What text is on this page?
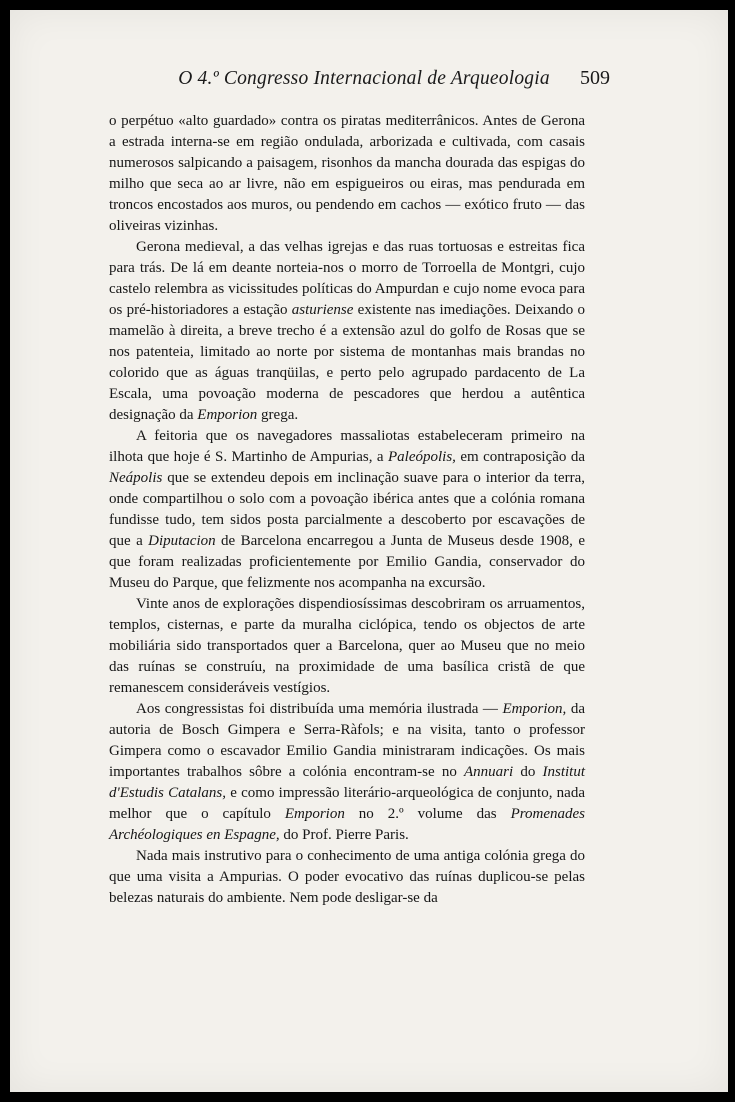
O 4.º Congresso Internacional de Arqueologia	509

o perpétuo «alto guardado» contra os piratas mediterrânicos. Antes de Gerona a estrada interna-se em região ondulada, arborizada e cultivada, com casais numerosos salpicando a paisagem, risonhos da mancha dourada das espigas do milho que seca ao ar livre, não em espigueiros ou eiras, mas pendurada em troncos encostados aos muros, ou pendendo em cachos — exótico fruto — das oliveiras vizinhas.

Gerona medieval, a das velhas igrejas e das ruas tortuosas e estreitas fica para trás. De lá em deante norteia-nos o morro de Torroella de Montgri, cujo castelo relembra as vicissitudes políticas do Ampurdan e cujo nome evoca para os pré-historiadores a estação asturiense existente nas imediações. Deixando o mamelão à direita, a breve trecho é a extensão azul do golfo de Rosas que se nos patenteia, limitado ao norte por sistema de montanhas mais brandas no colorido que as águas tranqüilas, e perto pelo agrupado pardacento de La Escala, uma povoação moderna de pescadores que herdou a autêntica designação da Emporion grega.

A feitoria que os navegadores massaliotas estabeleceram primeiro na ilhota que hoje é S. Martinho de Ampurias, a Paleópolis, em contraposição da Neápolis que se extendeu depois em inclinação suave para o interior da terra, onde compartilhou o solo com a povoação ibérica antes que a colónia romana fundisse tudo, tem sidos posta parcialmente a descoberto por escavações de que a Diputacion de Barcelona encarregou a Junta de Museus desde 1908, e que foram realizadas proficientemente por Emilio Gandia, conservador do Museu do Parque, que felizmente nos acompanha na excursão.

Vinte anos de explorações dispendiosíssimas descobriram os arruamentos, templos, cisternas, e parte da muralha ciclópica, tendo os objectos de arte mobiliária sido transportados quer a Barcelona, quer ao Museu que no meio das ruínas se construíu, na proximidade de uma basílica cristã de que remanescem consideráveis vestígios.

Aos congressistas foi distribuída uma memória ilustrada — Emporion, da autoria de Bosch Gimpera e Serra-Ràfols; e na visita, tanto o professor Gimpera como o escavador Emilio Gandia ministraram indicações. Os mais importantes trabalhos sôbre a colónia encontram-se no Annuari do Institut d'Estudis Catalans, e como impressão literário-arqueológica de conjunto, nada melhor que o capítulo Emporion no 2.º volume das Promenades Archéologiques en Espagne, do Prof. Pierre Paris.

Nada mais instrutivo para o conhecimento de uma antiga colónia grega do que uma visita a Ampurias. O poder evocativo das ruínas duplicou-se pelas belezas naturais do ambiente. Nem pode desligar-se da
